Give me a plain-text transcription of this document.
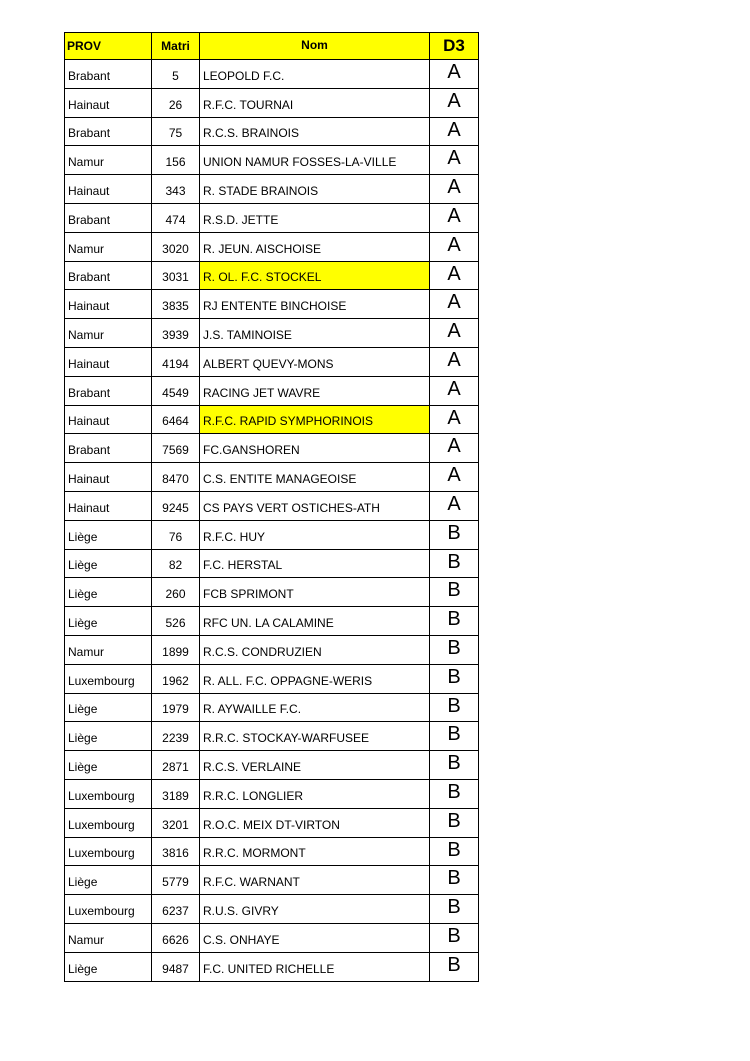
PROV	Matri	Nom	D3
Brabant	5	LEOPOLD F.C.	A
Hainaut	26	R.F.C. TOURNAI	A
Brabant	75	R.C.S. BRAINOIS	A
Namur	156	UNION NAMUR FOSSES-LA-VILLE	A
Hainaut	343	R. STADE BRAINOIS	A
Brabant	474	R.S.D. JETTE	A
Namur	3020	R. JEUN. AISCHOISE	A
Brabant	3031	R. OL. F.C. STOCKEL	A
Hainaut	3835	RJ ENTENTE BINCHOISE	A
Namur	3939	J.S. TAMINOISE	A
Hainaut	4194	ALBERT QUEVY-MONS	A
Brabant	4549	RACING JET WAVRE	A
Hainaut	6464	R.F.C. RAPID SYMPHORINOIS	A
Brabant	7569	FC.GANSHOREN	A
Hainaut	8470	C.S. ENTITE MANAGEOISE	A
Hainaut	9245	CS PAYS VERT OSTICHES-ATH	A
Liège	76	R.F.C. HUY	B
Liège	82	F.C. HERSTAL	B
Liège	260	FCB SPRIMONT	B
Liège	526	RFC UN. LA CALAMINE	B
Namur	1899	R.C.S. CONDRUZIEN	B
Luxembourg	1962	R. ALL. F.C. OPPAGNE-WERIS	B
Liège	1979	R. AYWAILLE F.C.	B
Liège	2239	R.R.C. STOCKAY-WARFUSEE	B
Liège	2871	R.C.S. VERLAINE	B
Luxembourg	3189	R.R.C. LONGLIER	B
Luxembourg	3201	R.O.C. MEIX DT-VIRTON	B
Luxembourg	3816	R.R.C. MORMONT	B
Liège	5779	R.F.C. WARNANT	B
Luxembourg	6237	R.U.S. GIVRY	B
Namur	6626	C.S. ONHAYE	B
Liège	9487	F.C. UNITED RICHELLE	B
